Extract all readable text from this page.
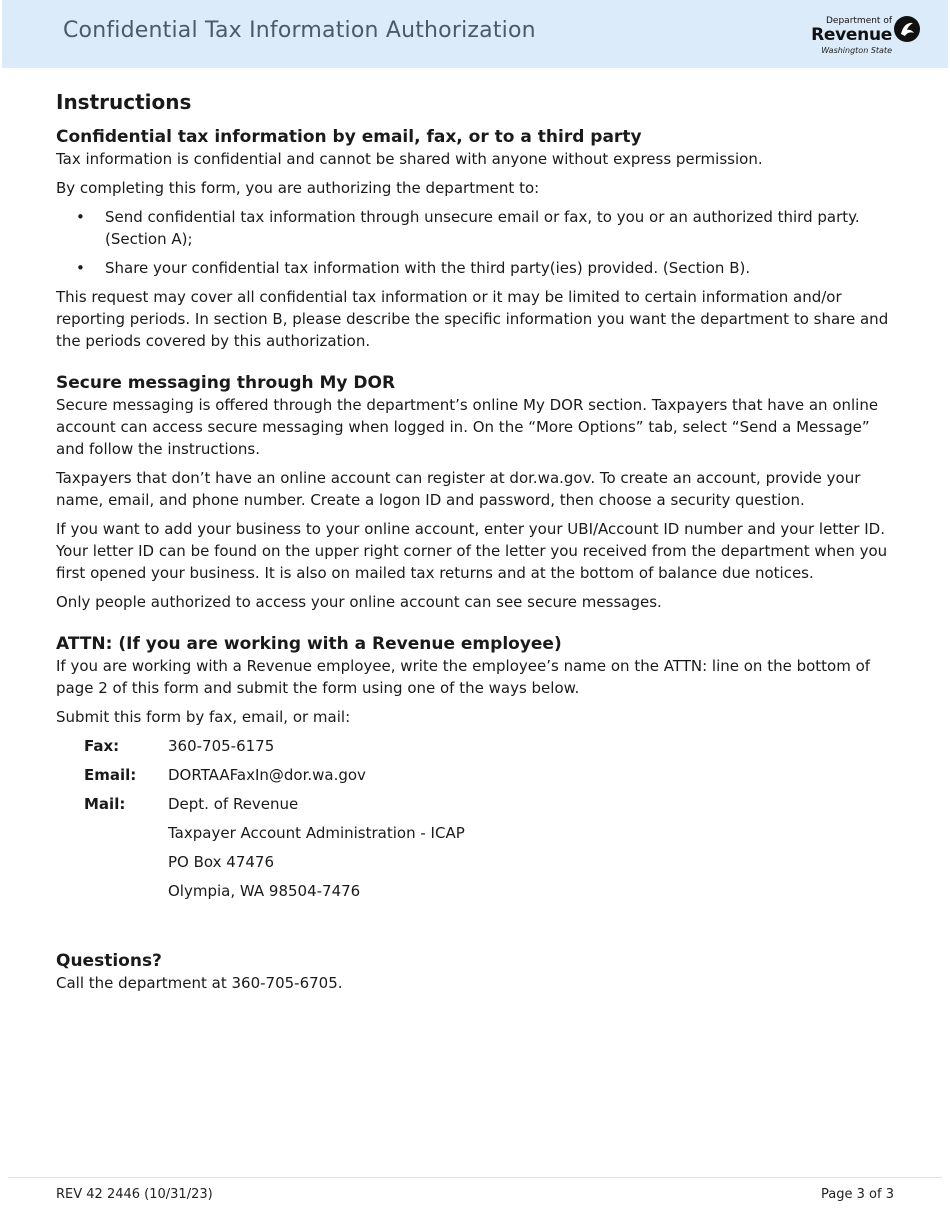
Confidential Tax Information Authorization	Department of
Revenue
Washington State
Instructions
Confidential tax information by email, fax, or to a third party

Tax information is confidential and cannot be shared with anyone without express permission.

By completing this form, you are authorizing the department to:

• Send confidential tax information through unsecure email or fax, to you or an authorized third party. (Section A);
• Share your confidential tax information with the third party(ies) provided. (Section B).

This request may cover all confidential tax information or it may be limited to certain information and/or reporting periods. In section B, please describe the specific information you want the department to share and the periods covered by this authorization.

Secure messaging through My DOR

Secure messaging is offered through the department’s online My DOR section. Taxpayers that have an online account can access secure messaging when logged in. On the “More Options” tab, select “Send a Message” and follow the instructions.

Taxpayers that don’t have an online account can register at dor.wa.gov. To create an account, provide your name, email, and phone number. Create a logon ID and password, then choose a security question.

If you want to add your business to your online account, enter your UBI/Account ID number and your letter ID. Your letter ID can be found on the upper right corner of the letter you received from the department when you first opened your business. It is also on mailed tax returns and at the bottom of balance due notices.

Only people authorized to access your online account can see secure messages.

ATTN: (If you are working with a Revenue employee)

If you are working with a Revenue employee, write the employee’s name on the ATTN: line on the bottom of page 2 of this form and submit the form using one of the ways below.

Submit this form by fax, email, or mail:

Fax:	360-705-6175
Email:	DORTAAFaxIn@dor.wa.gov
Mail:	Dept. of Revenue
Taxpayer Account Administration - ICAP
PO Box 47476
Olympia, WA 98504-7476
Questions?

Call the department at 360-705-6705.

REV 42 2446 (10/31/23)	Page 3 of 3
